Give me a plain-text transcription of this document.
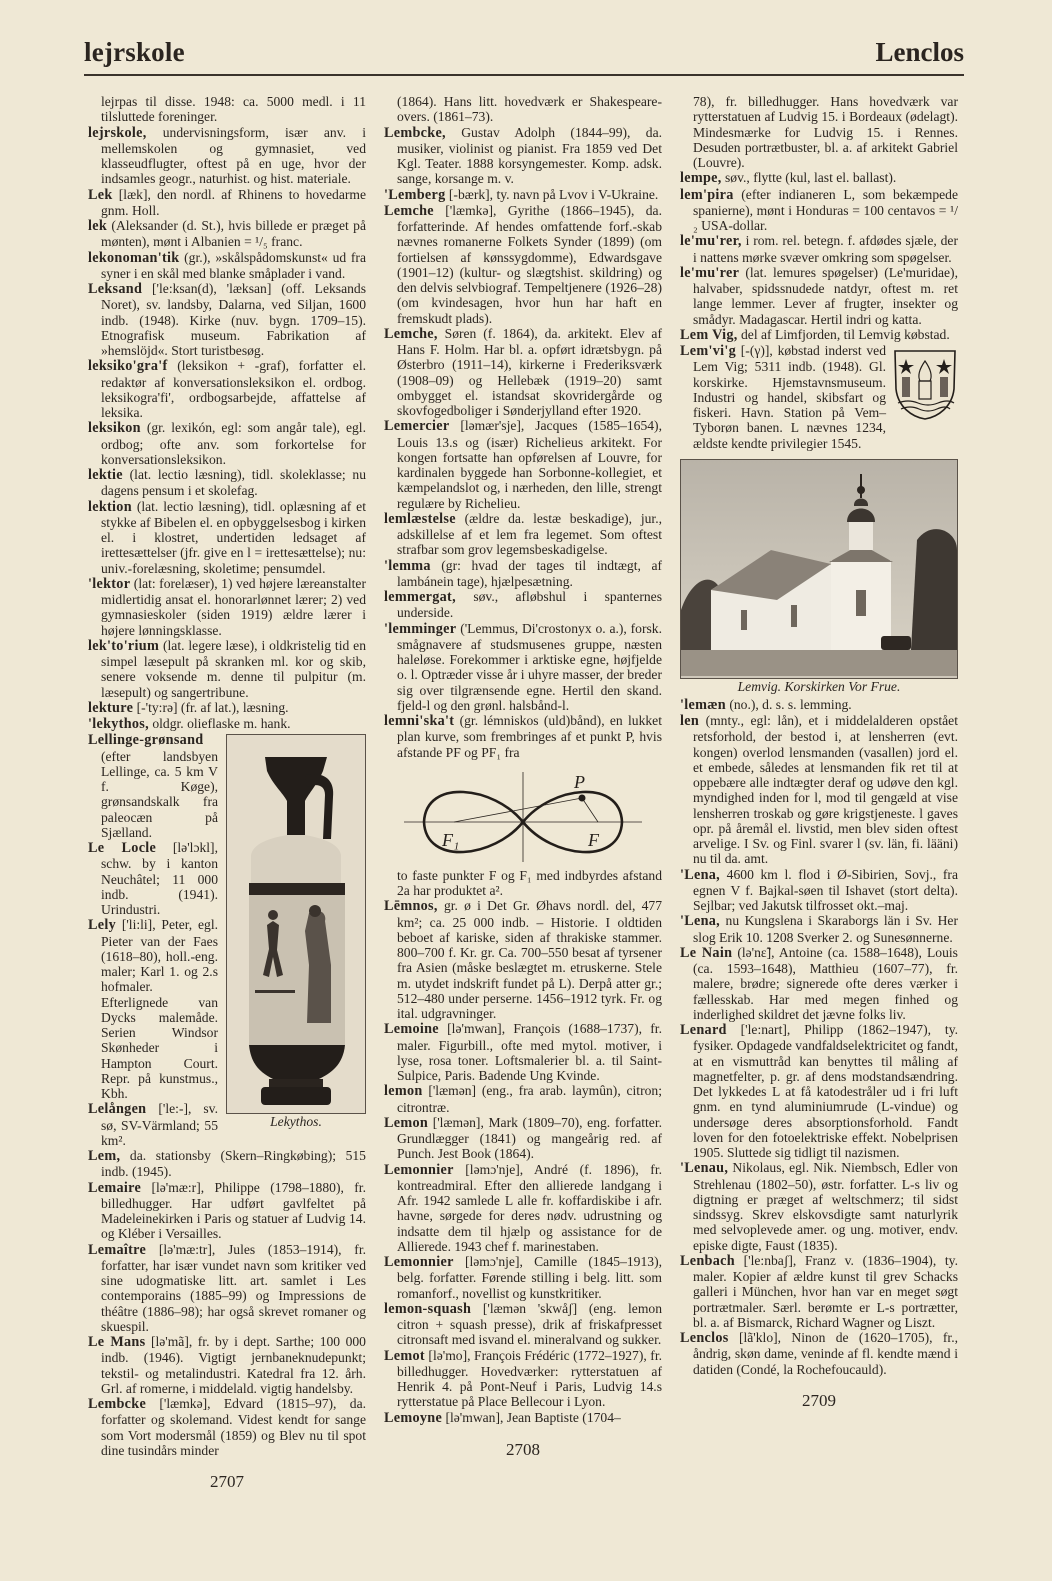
lejrskole	Lenclos

lejrpas til disse. 1948: ca. 5000 medl. i 11 tilsluttede foreninger.

lejrskole, undervisningsform, især anv. i mellemskolen og gymnasiet, ved klasseudflugter, oftest på en uge, hvor der indsamles geogr., naturhist. og hist. materiale.

Lek [læk], den nordl. af Rhinens to hovedarme gnm. Holl.

lek (Aleksander (d. St.), hvis billede er præget på mønten), mønt i Albanien = ¹/₅ franc.

lekonoman'tik (gr.), »skålspådomskunst« ud fra syner i en skål med blanke småplader i vand.

Leksand ['le:ksan(d), 'læksan] (off. Leksands Noret), sv. landsby, Dalarna, ved Siljan, 1600 indb. (1948). Kirke (nuv. bygn. 1709–15). Etnografisk museum. Fabrikation af »hemslöjd«. Stort turistbesøg.

leksiko'gra'f (leksikon + -graf), forfatter el. redaktør af konversationsleksikon el. ordbog. leksikogra'fi', ordbogsarbejde, affattelse af leksika.

leksikon (gr. lexikón, egl: som angår tale), egl. ordbog; ofte anv. som forkortelse for konversationsleksikon.

lektie (lat. lectio læsning), tidl. skoleklasse; nu dagens pensum i et skolefag.

lektion (lat. lectio læsning), tidl. oplæsning af et stykke af Bibelen el. en opbyggelsesbog i kirken el. i klostret, undertiden ledsaget af irettesættelser (jfr. give en l = irettesættelse); nu: univ.-forelæsning, skoletime; pensumdel.

'lektor (lat: forelæser), 1) ved højere læreanstalter midlertidig ansat el. honorarlønnet lærer; 2) ved gymnasieskoler (siden 1919) ældre lærer i højere lønningsklasse.

lek'to'rium (lat. legere læse), i oldkristelig tid en simpel læsepult på skranken ml. kor og skib, senere voksende m. denne til pulpitur (m. læsepult) og sangertribune.

lekture [-'ty:rə] (fr. af lat.), læsning.

'lekythos, oldgr. olieflaske m. hank.

Lekythos.

Lellinge-grønsand (efter landsbyen Lellinge, ca. 5 km V f. Køge), grønsandskalk fra paleocæn på Sjælland.

Le Locle [lə'lɔkl], schw. by i kanton Neuchâtel; 11 000 indb. (1941). Urindustri.

Lely ['li:li], Peter, egl. Pieter van der Faes (1618–80), holl.-eng. maler; Karl 1. og 2.s hofmaler. Efterlignede van Dycks malemåde. Serien Windsor Skønheder i Hampton Court. Repr. på kunstmus., Kbh.

Lelången ['le:-], sv. sø, SV-Värmland; 55 km².

Lem, da. stationsby (Skern–Ringkøbing); 515 indb. (1945).

Lemaire [lə'mæ:r], Philippe (1798–1880), fr. billedhugger. Har udført gavlfeltet på Madeleinekirken i Paris og statuer af Ludvig 14. og Kléber i Versailles.

Lemaître [lə'mæ:tr], Jules (1853–1914), fr. forfatter, har især vundet navn som kritiker ved sine udogmatiske litt. art. samlet i Les contemporains (1885–99) og Impressions de théâtre (1886–98); har også skrevet romaner og skuespil.

Le Mans [lə'mã], fr. by i dept. Sarthe; 100 000 indb. (1946). Vigtigt jernbaneknudepunkt; tekstil- og metalindustri. Katedral fra 12. årh. Grl. af romerne, i middelald. vigtig handelsby.

Lembcke ['læmkə], Edvard (1815–97), da. forfatter og skolemand. Videst kendt for sange som Vort modersmål (1859) og Blev nu til spot dine tusindårs minder

2707

(1864). Hans litt. hovedværk er Shakespeare-overs. (1861–73).

Lembcke, Gustav Adolph (1844–99), da. musiker, violinist og pianist. Fra 1859 ved Det Kgl. Teater. 1888 korsyngemester. Komp. adsk. sange, korsange m. v.

'Lemberg [-bærk], ty. navn på Lvov i V-Ukraine.

Lemche ['læmkə], Gyrithe (1866–1945), da. forfatterinde. Af hendes omfattende forf.-skab nævnes romanerne Folkets Synder (1899) (om fortielsen af kønssygdomme), Edwardsgave (1901–12) (kultur- og slægtshist. skildring) og den delvis selvbiograf. Tempeltjenere (1926–28) (om kvindesagen, hvor hun har haft en fremskudt plads).

Lemche, Søren (f. 1864), da. arkitekt. Elev af Hans F. Holm. Har bl. a. opført idrætsbygn. på Østerbro (1911–14), kirkerne i Frederiksværk (1908–09) og Hellebæk (1919–20) samt ombygget el. istandsat skovridergårde og skovfogedboliger i Sønderjylland efter 1920.

Lemercier [ləmær'sje], Jacques (1585–1654), Louis 13.s og (især) Richelieus arkitekt. For kongen fortsatte han opførelsen af Louvre, for kardinalen byggede han Sorbonne-kollegiet, et kæmpelandslot og, i nærheden, den lille, strengt regulære by Richelieu.

lemlæstelse (ældre da. lestæ beskadige), jur., adskillelse af et lem fra legemet. Som oftest strafbar som grov legemsbeskadigelse.

'lemma (gr: hvad der tages til indtægt, af lambánein tage), hjælpesætning.

lemmergat, søv., afløbshul i spanternes underside.

'lemminger ('Lemmus, Di'crostonyx o. a.), forsk. smågnavere af studsmusenes gruppe, næsten haleløse. Forekommer i arktiske egne, højfjelde o. l. Optræder visse år i uhyre masser, der breder sig over tilgrænsende egne. Hertil den skand. fjeld-l og den grønl. halsbånd-l.

lemni'ska't (gr. lémniskos (uld)bånd), en lukket plan kurve, som frembringes af et punkt P, hvis afstande PF og PF₁ fra

P
F₁	F

to faste punkter F og F₁ med indbyrdes afstand 2a har produktet a².

Lēmnos, gr. ø i Det Gr. Øhavs nordl. del, 477 km²; ca. 25 000 indb. – Historie. I oldtiden beboet af kariske, siden af thrakiske stammer. 800–700 f. Kr. gr. Ca. 700–550 besat af tyrsener fra Asien (måske beslægtet m. etruskerne. Stele m. utydet indskrift fundet på L). Derpå atter gr.; 512–480 under perserne. 1456–1912 tyrk. Fr. og ital. udgravninger.

Lemoine [lə'mwan], François (1688–1737), fr. maler. Figurbill., ofte med mytol. motiver, i lyse, rosa toner. Loftsmalerier bl. a. til Saint-Sulpice, Paris. Badende Ung Kvinde.

lemon ['læmən] (eng., fra arab. laymûn), citron; citrontræ.

Lemon ['læmən], Mark (1809–70), eng. forfatter. Grundlægger (1841) og mangeårig red. af Punch. Jest Book (1864).

Lemonnier [ləmɔ'nje], André (f. 1896), fr. kontreadmiral. Efter den allierede landgang i Afr. 1942 samlede L alle fr. koffardiskibe i afr. havne, sørgede for deres nødv. udrustning og indsatte dem til hjælp og assistance for de Allierede. 1943 chef f. marinestaben.

Lemonnier [ləmɔ'nje], Camille (1845–1913), belg. forfatter. Førende stilling i belg. litt. som romanforf., novellist og kunstkritiker.

lemon-squash ['læmən 'skwåʃ] (eng. lemon citron + squash presse), drik af friskafpresset citronsaft med isvand el. mineralvand og sukker.

Lemot [lə'mo], François Frédéric (1772–1927), fr. billedhugger. Hovedværker: rytterstatuen af Henrik 4. på Pont-Neuf i Paris, Ludvig 14.s rytterstatue på Place Bellecour i Lyon.

Lemoyne [lə'mwan], Jean Baptiste (1704–

2708

78), fr. billedhugger. Hans hovedværk var rytterstatuen af Ludvig 15. i Bordeaux (ødelagt). Mindesmærke for Ludvig 15. i Rennes. Desuden portrætbuster, bl. a. af arkitekt Gabriel (Louvre).

lempe, søv., flytte (kul, last el. ballast).

lem'pira (efter indianeren L, som bekæmpede spanierne), mønt i Honduras = 100 centavos = ¹/₂ USA-dollar.

le'mu'rer, i rom. rel. betegn. f. afdødes sjæle, der i nattens mørke svæver omkring som spøgelser.

le'mu'rer (lat. lemures spøgelser) (Le'muridae), halvaber, spidssnudede natdyr, oftest m. ret lange lemmer. Lever af frugter, insekter og smådyr. Madagascar. Hertil indri og katta.

Lem Vig, del af Limfjorden, til Lemvig købstad.

Lem'vi'g [-(γ)], købstad inderst ved Lem Vig; 5311 indb. (1948). Gl. korskirke. Hjemstavnsmuseum. Industri og handel, skibsfart og fiskeri. Havn. Station på Vem–Tyborøn banen. L nævnes 1234, ældste kendte privilegier 1545.

Lemvig. Korskirken Vor Frue.

'lemæn (no.), d. s. s. lemming.

len (mnty., egl: lån), et i middelalderen opstået retsforhold, der bestod i, at lensherren (evt. kongen) overlod lensmanden (vasallen) jord el. et embede, således at lensmanden fik ret til at oppebære alle indtægter deraf og udøve den kgl. myndighed inden for l, mod til gengæld at vise lensherren troskab og gøre krigstjeneste. l gaves opr. på åremål el. livstid, men blev siden oftest arvelige. I Sv. og Finl. svarer l (sv. län, fi. lääni) nu til da. amt.

'Lena, 4600 km l. flod i Ø-Sibirien, Sovj., fra egnen V f. Bajkal-søen til Ishavet (stort delta). Sejlbar; ved Jakutsk tilfrosset okt.–maj.

'Lena, nu Kungslena i Skaraborgs län i Sv. Her slog Erik 10. 1208 Sverker 2. og Sunesønnerne.

Le Nain (lə'nɛ̃], Antoine (ca. 1588–1648), Louis (ca. 1593–1648), Matthieu (1607–77), fr. malere, brødre; signerede ofte deres værker i fællesskab. Har med megen finhed og inderlighed skildret det jævne folks liv.

Lenard ['le:nart], Philipp (1862–1947), ty. fysiker. Opdagede vandfaldselektricitet og fandt, at en vismuttråd kan benyttes til måling af magnetfelter, p. gr. af dens modstandsændring. Det lykkedes L at få katodestråler ud i fri luft gnm. en tynd aluminiumrude (L-vindue) og undersøge deres absorptionsforhold. Fandt loven for den fotoelektriske effekt. Nobelprisen 1905. Sluttede sig tidligt til nazismen.

'Lenau, Nikolaus, egl. Nik. Niembsch, Edler von Strehlenau (1802–50), østr. forfatter. L-s liv og digtning er præget af weltschmerz; til sidst sindssyg. Skrev elskovsdigte samt naturlyrik med selvoplevede amer. og ung. motiver, endv. episke digte, Faust (1835).

Lenbach ['le:nbaʃ], Franz v. (1836–1904), ty. maler. Kopier af ældre kunst til grev Schacks galleri i München, hvor han var en meget søgt portrætmaler. Særl. berømte er L-s portrætter, bl. a. af Bismarck, Richard Wagner og Liszt.

Lenclos [lã'klo], Ninon de (1620–1705), fr., åndrig, skøn dame, veninde af fl. kendte mænd i datiden (Condé, la Rochefoucauld).

2709
